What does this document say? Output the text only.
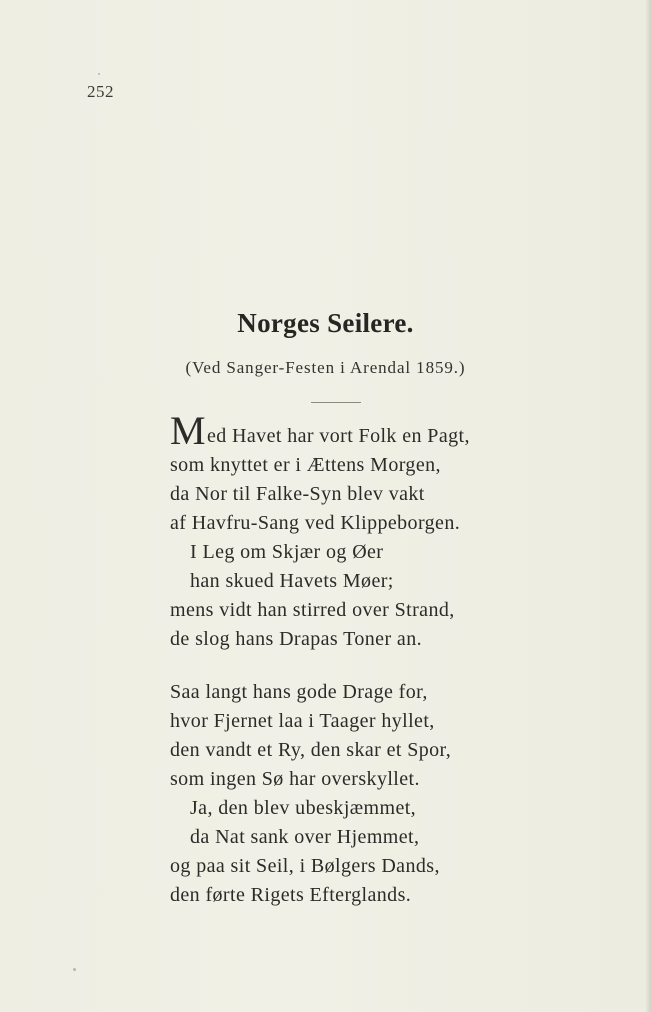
252
Norges Seilere.
(Ved Sanger-Festen i Arendal 1859.)
Med Havet har vort Folk en Pagt,
som knyttet er i Ættens Morgen,
da Nor til Falke-Syn blev vakt
af Havfru-Sang ved Klippeborgen.
I Leg om Skjær og Øer
han skued Havets Møer;
mens vidt han stirred over Strand,
de slog hans Drapas Toner an.
Saa langt hans gode Drage for,
hvor Fjernet laa i Taager hyllet,
den vandt et Ry, den skar et Spor,
som ingen Sø har overskyllet.
Ja, den blev ubeskjæmmet,
da Nat sank over Hjemmet,
og paa sit Seil, i Bølgers Dands,
den førte Rigets Efterglands.
